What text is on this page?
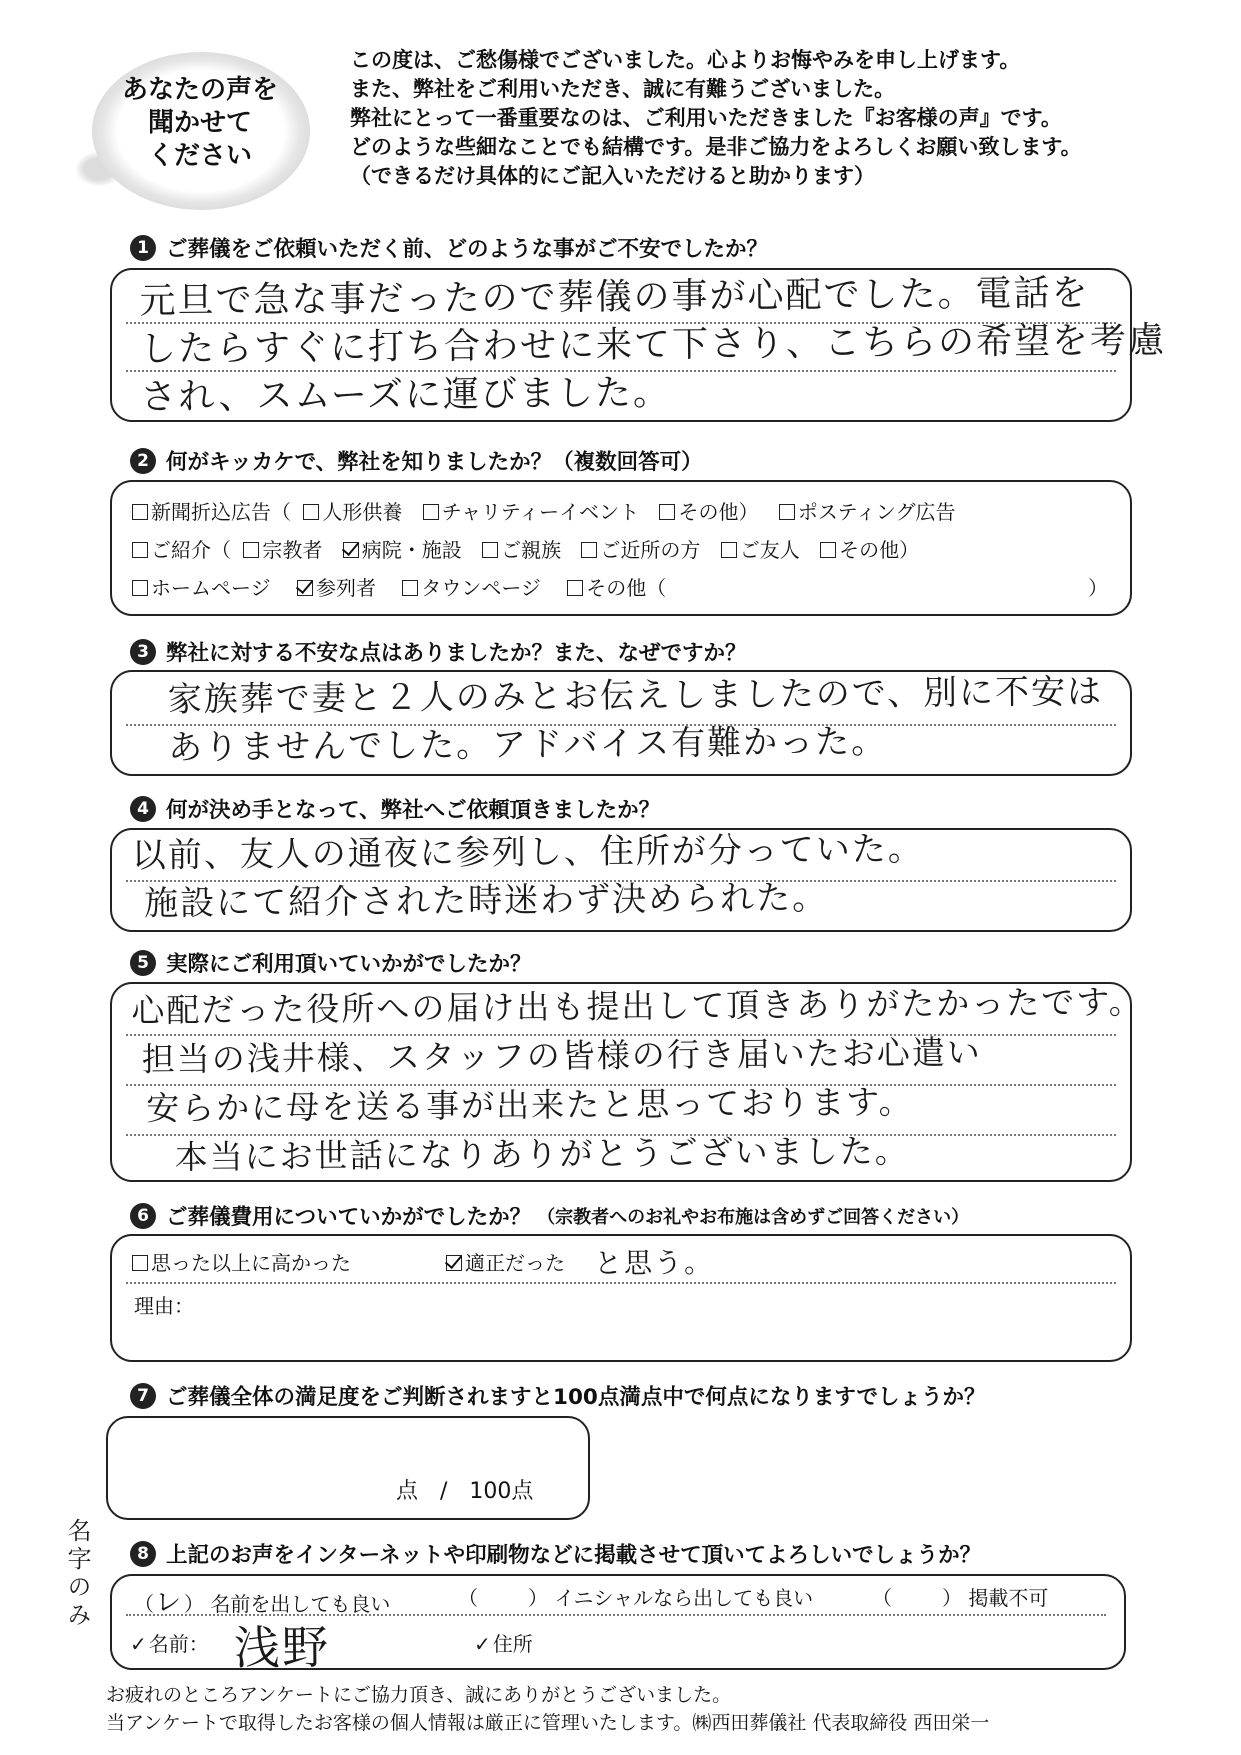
あなたの声を
聞かせて
ください
この度は、ご愁傷様でございました。心よりお悔やみを申し上げます。
また、弊社をご利用いただき、誠に有難うございました。
弊社にとって一番重要なのは、ご利用いただきました『お客様の声』です。
どのような些細なことでも結構です。是非ご協力をよろしくお願い致します。
（できるだけ具体的にご記入いただけると助かります）
1 ご葬儀をご依頼いただく前、どのような事がご不安でしたか？
元旦で急な事だったので葬儀の事が心配でした。電話を
したらすぐに打ち合わせに来て下さり、こちらの希望を考慮
され、スムーズに運びました。
2 何がキッカケで、弊社を知りましたか？（複数回答可）
新聞折込広告（ 人形供養 チャリティーイベント その他） ポスティング広告
ご紹介（ 宗教者 病院・施設 ご親族 ご近所の方 ご友人 その他）
ホームページ 参列者 タウンページ その他（	）
3 弊社に対する不安な点はありましたか？また、なぜですか？
家族葬で妻と２人のみとお伝えしましたので、別に不安は
ありませんでした。アドバイス有難かった。
4 何が決め手となって、弊社へご依頼頂きましたか？
以前、友人の通夜に参列し、住所が分っていた。
施設にて紹介された時迷わず決められた。
5 実際にご利用頂いていかがでしたか？
心配だった役所への届け出も提出して頂きありがたかったです。
担当の浅井様、スタッフの皆様の行き届いたお心遣い
安らかに母を送る事が出来たと思っております。
本当にお世話になりありがとうございました。
6 ご葬儀費用についていかがでしたか？ （宗教者へのお礼やお布施は含めずご回答ください）
思った以上に高かった	適正だった と思う。
理由：
7 ご葬儀全体の満足度をご判断されますと100点満点中で何点になりますでしょうか？
点　/　100点
名字のみ	8 上記のお声をインターネットや印刷物などに掲載させて頂いてよろしいでしょうか？
（レ） 名前を出しても良い	（	） イニシャルなら出しても良い	（	） 掲載不可
✓名前： 浅野	✓住所
お疲れのところアンケートにご協力頂き、誠にありがとうございました。
当アンケートで取得したお客様の個人情報は厳正に管理いたします。㈱西田葬儀社 代表取締役 西田栄一
